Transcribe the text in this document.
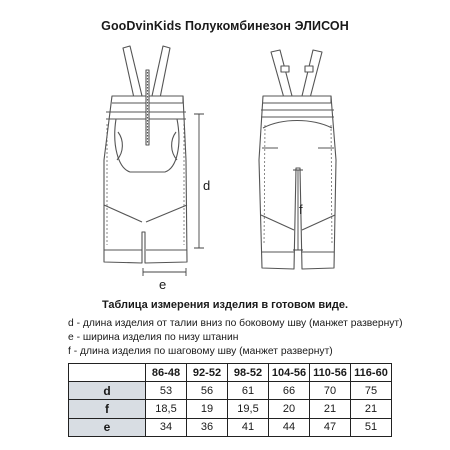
GooDvinKids Полукомбинезон ЭЛИСОН
d
e
f
Таблица измерения изделия в готовом виде.
d - длина изделия от талии вниз по боковому шву (манжет развернут)
е - ширина изделия по низу штанин
f - длина изделия по шаговому шву (манжет развернут)
	86-48	92-52	98-52	104-56	110-56	116-60
d	53	56	61	66	70	75
f	18,5	19	19,5	20	21	21
e	34	36	41	44	47	51
